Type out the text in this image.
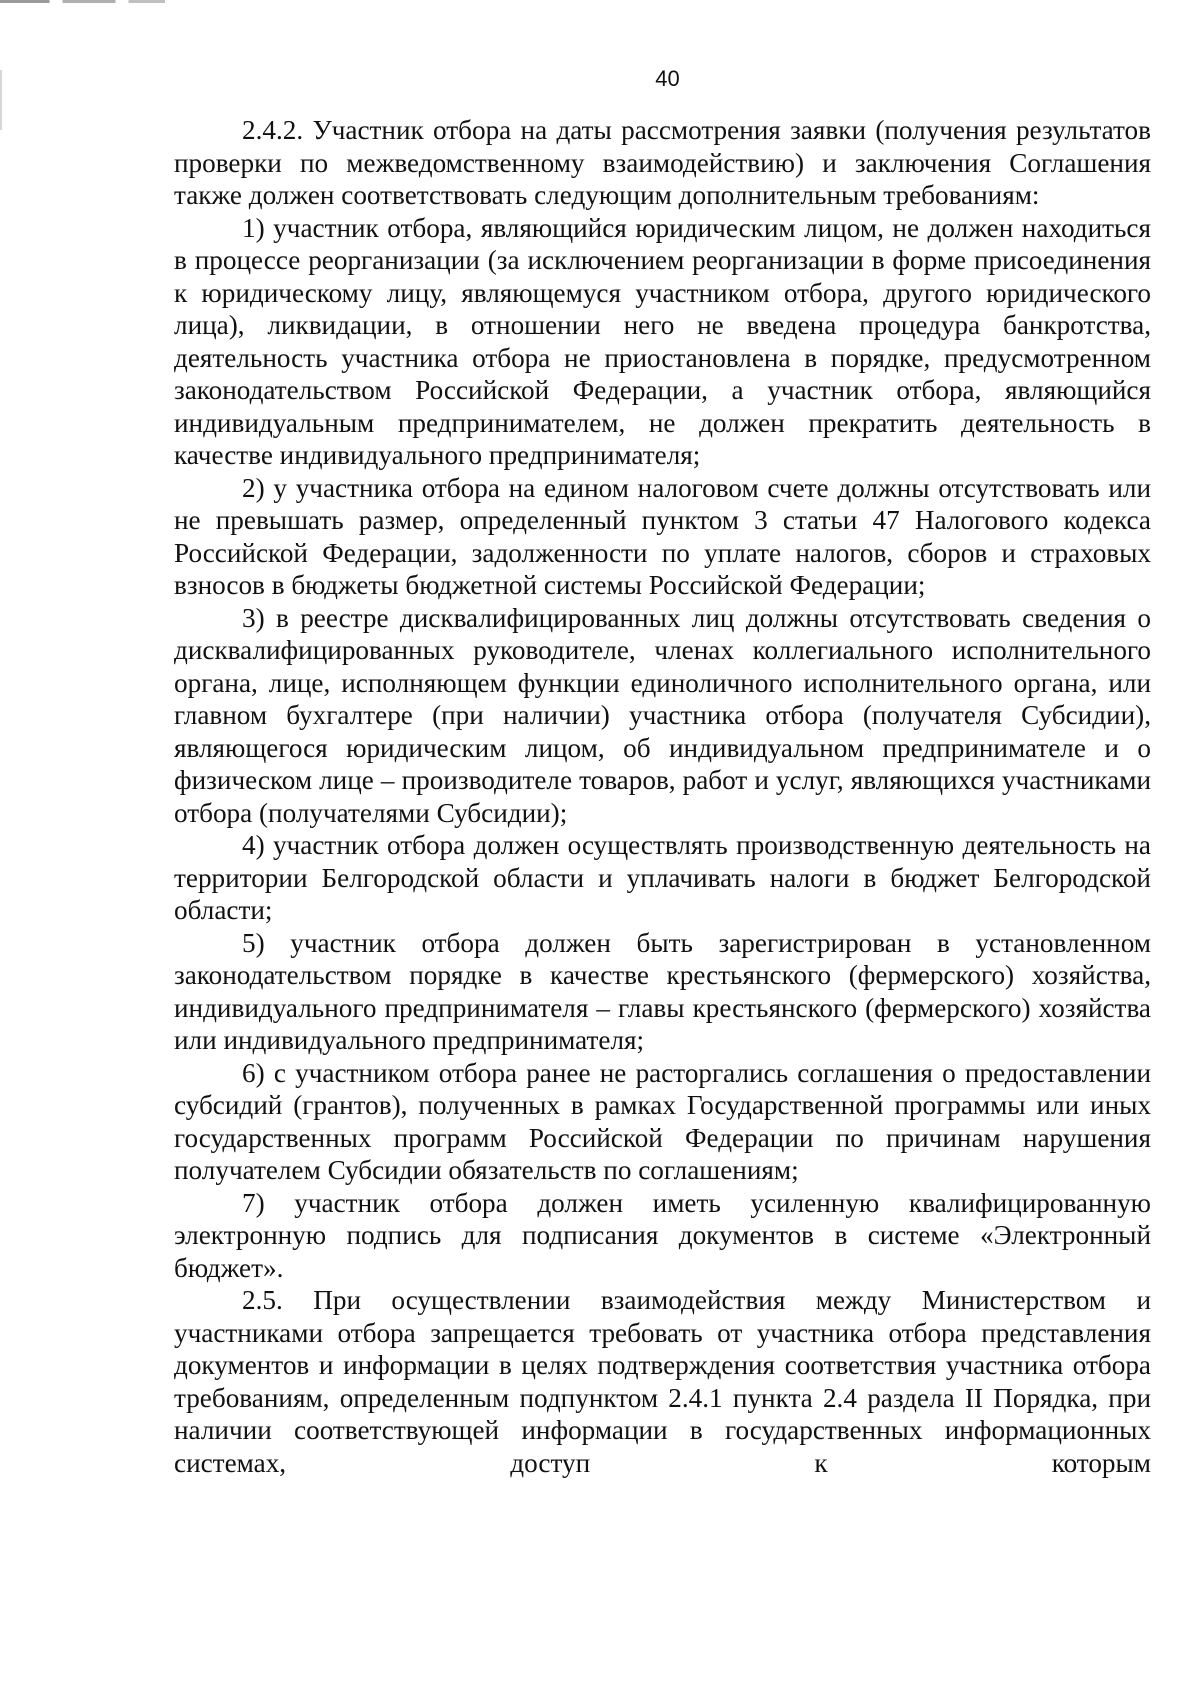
40

2.4.2. Участник отбора на даты рассмотрения заявки (получения результатов проверки по межведомственному взаимодействию) и заключения Соглашения также должен соответствовать следующим дополнительным требованиям:

1) участник отбора, являющийся юридическим лицом, не должен находиться в процессе реорганизации (за исключением реорганизации в форме присоединения к юридическому лицу, являющемуся участником отбора, другого юридического лица), ликвидации, в отношении него не введена процедура банкротства, деятельность участника отбора не приостановлена в порядке, предусмотренном законодательством Российской Федерации, а участник отбора, являющийся индивидуальным предпринимателем, не должен прекратить деятельность в качестве индивидуального предпринимателя;

2) у участника отбора на едином налоговом счете должны отсутствовать или не превышать размер, определенный пунктом 3 статьи 47 Налогового кодекса Российской Федерации, задолженности по уплате налогов, сборов и страховых взносов в бюджеты бюджетной системы Российской Федерации;

3) в реестре дисквалифицированных лиц должны отсутствовать сведения о дисквалифицированных руководителе, членах коллегиального исполнительного органа, лице, исполняющем функции единоличного исполнительного органа, или главном бухгалтере (при наличии) участника отбора (получателя Субсидии), являющегося юридическим лицом, об индивидуальном предпринимателе и о физическом лице – производителе товаров, работ и услуг, являющихся участниками отбора (получателями Субсидии);

4) участник отбора должен осуществлять производственную деятельность на территории Белгородской области и уплачивать налоги в бюджет Белгородской области;

5) участник отбора должен быть зарегистрирован в установленном законодательством порядке в качестве крестьянского (фермерского) хозяйства, индивидуального предпринимателя – главы крестьянского (фермерского) хозяйства или индивидуального предпринимателя;

6) с участником отбора ранее не расторгались соглашения о предоставлении субсидий (грантов), полученных в рамках Государственной программы или иных государственных программ Российской Федерации по причинам нарушения получателем Субсидии обязательств по соглашениям;

7) участник отбора должен иметь усиленную квалифицированную электронную подпись для подписания документов в системе «Электронный бюджет».

2.5. При осуществлении взаимодействия между Министерством и участниками отбора запрещается требовать от участника отбора представления документов и информации в целях подтверждения соответствия участника отбора требованиям, определенным подпунктом 2.4.1 пункта 2.4 раздела II Порядка, при наличии соответствующей информации в государственных информационных системах, доступ к которым
